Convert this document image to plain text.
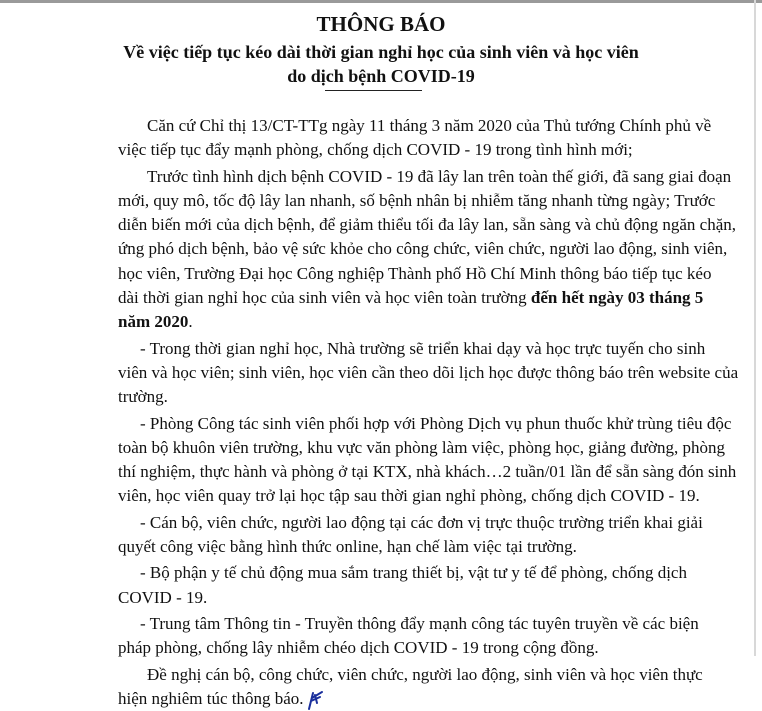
THÔNG BÁO
Về việc tiếp tục kéo dài thời gian nghỉ học của sinh viên và học viên
do dịch bệnh COVID-19
Căn cứ Chỉ thị 13/CT-TTg ngày 11 tháng 3 năm 2020 của Thủ tướng Chính phủ về
việc tiếp tục đẩy mạnh phòng, chống dịch COVID - 19 trong tình hình mới;
Trước tình hình dịch bệnh COVID - 19 đã lây lan trên toàn thế giới, đã sang giai đoạn
mới, quy mô, tốc độ lây lan nhanh, số bệnh nhân bị nhiễm tăng nhanh từng ngày; Trước
diễn biến mới của dịch bệnh, để giảm thiểu tối đa lây lan, sẵn sàng và chủ động ngăn chặn,
ứng phó dịch bệnh, bảo vệ sức khỏe cho công chức, viên chức, người lao động, sinh viên,
học viên, Trường Đại học Công nghiệp Thành phố Hồ Chí Minh thông báo tiếp tục kéo
dài thời gian nghỉ học của sinh viên và học viên toàn trường đến hết ngày 03 tháng 5
năm 2020.
- Trong thời gian nghỉ học, Nhà trường sẽ triển khai dạy và học trực tuyến cho sinh
viên và học viên; sinh viên, học viên cần theo dõi lịch học được thông báo trên website của
trường.
- Phòng Công tác sinh viên phối hợp với Phòng Dịch vụ phun thuốc khử trùng tiêu độc
toàn bộ khuôn viên trường, khu vực văn phòng làm việc, phòng học, giảng đường, phòng
thí nghiệm, thực hành và phòng ở tại KTX, nhà khách…2 tuần/01 lần để sẵn sàng đón sinh
viên, học viên quay trở lại học tập sau thời gian nghỉ phòng, chống dịch COVID - 19.
- Cán bộ, viên chức, người lao động tại các đơn vị trực thuộc trường triển khai giải
quyết công việc bằng hình thức online, hạn chế làm việc tại trường.
- Bộ phận y tế chủ động mua sắm trang thiết bị, vật tư y tế để phòng, chống dịch
COVID - 19.
- Trung tâm Thông tin - Truyền thông đẩy mạnh công tác tuyên truyền về các biện
pháp phòng, chống lây nhiễm chéo dịch COVID - 19 trong cộng đồng.
Đề nghị cán bộ, công chức, viên chức, người lao động, sinh viên và học viên thực
hiện nghiêm túc thông báo.
